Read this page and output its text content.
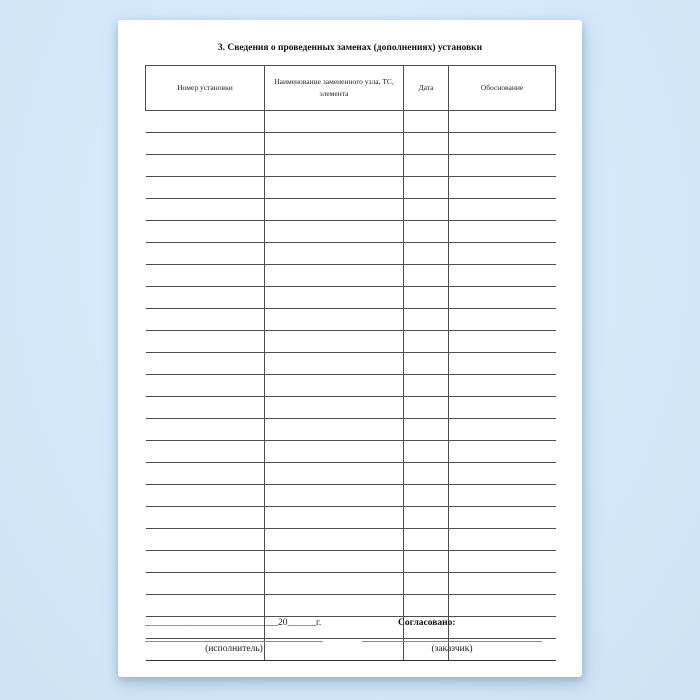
3. Сведения о проведенных заменах (дополнениях) установки
Номер установки	Наименование замененного узла, ТС, элемента	Дата	Обоснование

____________________________20______г.	Согласовано:
(исполнитель)	(заказчик)
